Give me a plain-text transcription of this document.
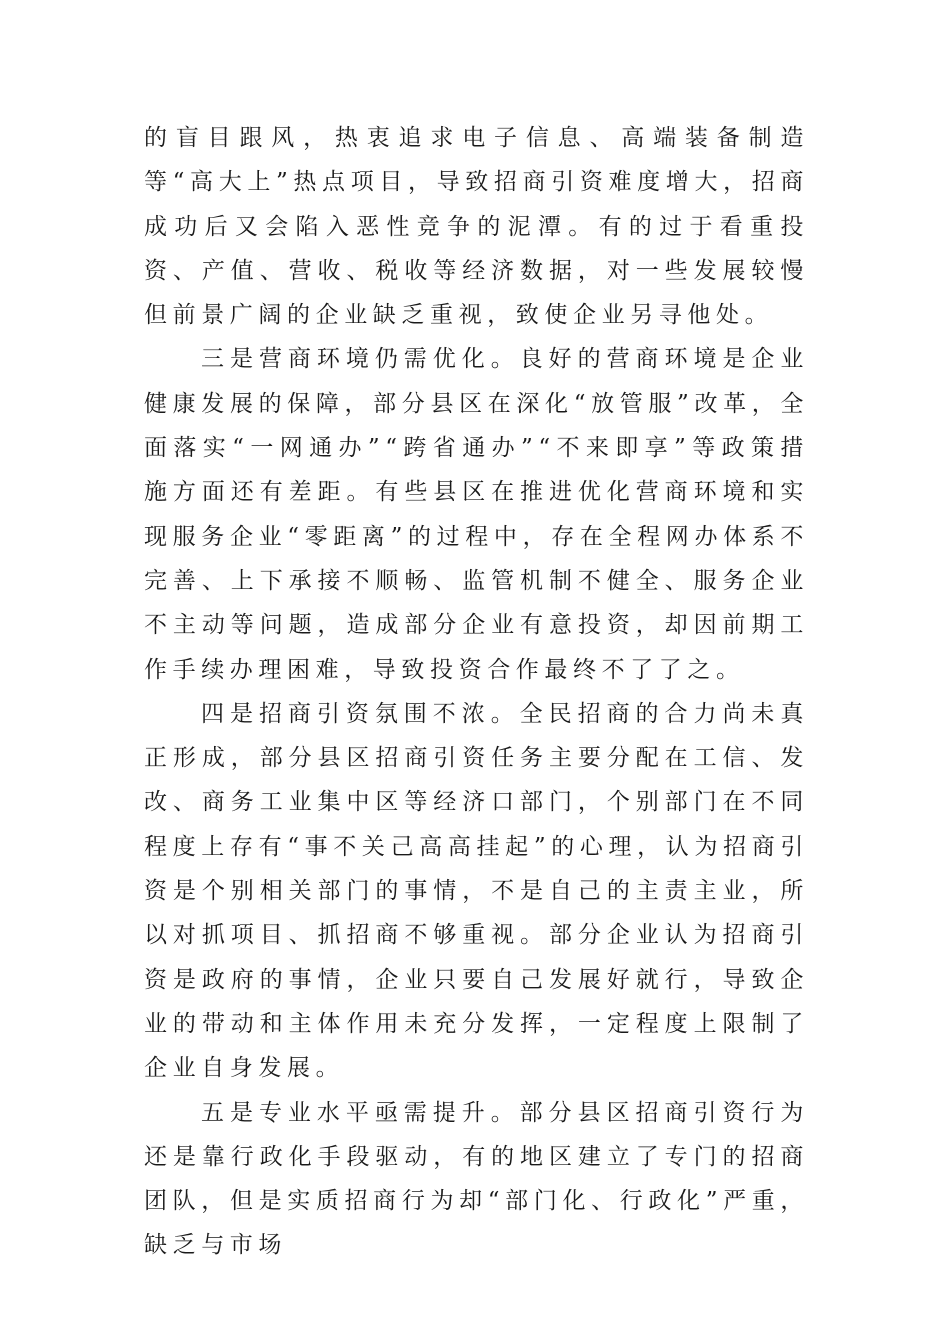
的盲目跟风，热衷追求电子信息、高端装备制造等“高大上”热点项目，导致招商引资难度增大，招商成功后又会陷入恶性竞争的泥潭。有的过于看重投资、产值、营收、税收等经济数据，对一些发展较慢但前景广阔的企业缺乏重视，致使企业另寻他处。

三是营商环境仍需优化。良好的营商环境是企业健康发展的保障，部分县区在深化“放管服”改革，全面落实“一网通办”“跨省通办”“不来即享”等政策措施方面还有差距。有些县区在推进优化营商环境和实现服务企业“零距离”的过程中，存在全程网办体系不完善、上下承接不顺畅、监管机制不健全、服务企业不主动等问题，造成部分企业有意投资，却因前期工作手续办理困难，导致投资合作最终不了了之。

四是招商引资氛围不浓。全民招商的合力尚未真正形成，部分县区招商引资任务主要分配在工信、发改、商务工业集中区等经济口部门，个别部门在不同程度上存有“事不关己高高挂起”的心理，认为招商引资是个别相关部门的事情，不是自己的主责主业，所以对抓项目、抓招商不够重视。部分企业认为招商引资是政府的事情，企业只要自己发展好就行，导致企业的带动和主体作用未充分发挥，一定程度上限制了企业自身发展。

五是专业水平亟需提升。部分县区招商引资行为还是靠行政化手段驱动，有的地区建立了专门的招商团队，但是实质招商行为却“部门化、行政化”严重，缺乏与市场
